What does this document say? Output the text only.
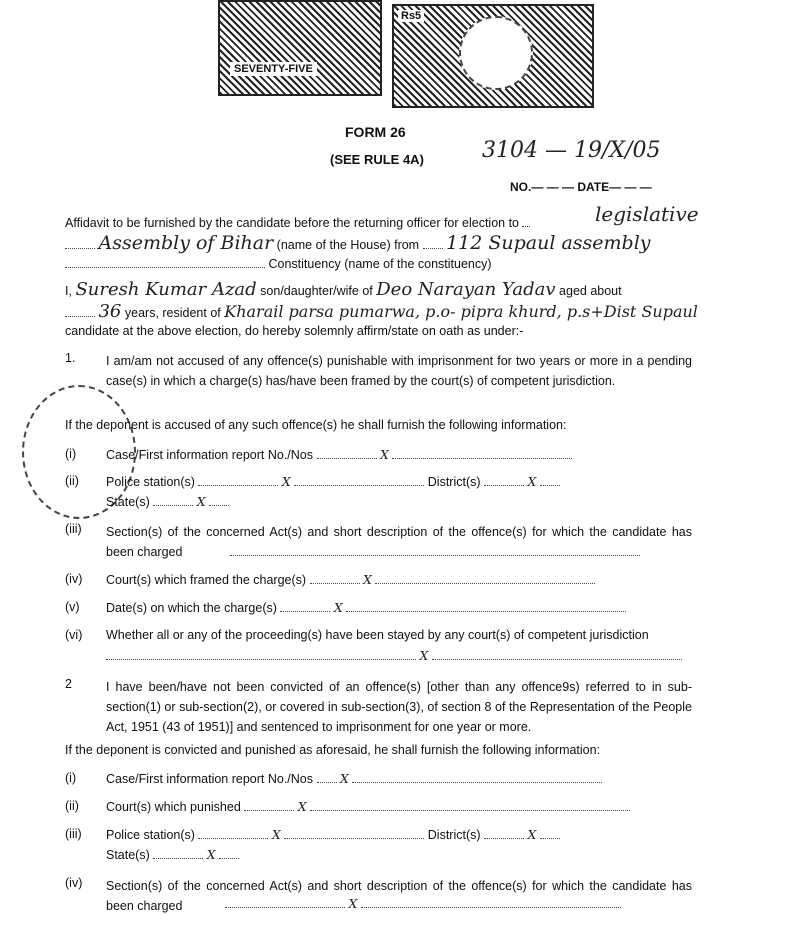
SEVENTY-FIVE
Rs5
FORM 26
(SEE RULE 4A)	3104 — 19/X/05
NO.— — — DATE— — —
Affidavit to be furnished by the candidate before the returning officer for election to	legislative
Assembly of Bihar (name of the House) from 112 Supaul assembly
Constituency (name of the constituency)
I, Suresh Kumar Azad son/daughter/wife of Deo Narayan Yadav aged about
36 years, resident of Kharail parsa pumarwa, p.o- pipra khurd, p.s+Dist Supaul
candidate at the above election, do hereby solemnly affirm/state on oath as under:-
1. I am/am not accused of any offence(s) punishable with imprisonment for two years or more in a pending case(s) in which a charge(s) has/have been framed by the court(s) of competent jurisdiction.
If the deponent is accused of any such offence(s) he shall furnish the following information:
(i) Case/First information report No./Nos	X
(ii) Police station(s)	X	District(s)	X
State(s)	X
(iii) Section(s) of the concerned Act(s) and short description of the offence(s) for which the candidate has been charged
(iv) Court(s) which framed the charge(s)	X
(v) Date(s) on which the charge(s)	X
(vi) Whether all or any of the proceeding(s) have been stayed by any court(s) of competent jurisdiction
X
2	I have been/have not been convicted of an offence(s) [other than any offence9s) referred to in sub-section(1) or sub-section(2), or covered in sub-section(3), of section 8 of the Representation of the People Act, 1951 (43 of 1951)] and sentenced to imprisonment for one year or more.
If the deponent is convicted and punished as aforesaid, he shall furnish the following information:
(i) Case/First information report No./Nos X
(ii) Court(s) which punished	X
(iii) Police station(s)	X	District(s)	X
State(s)	X
(iv) Section(s) of the concerned Act(s) and short description of the offence(s) for which the candidate has been charged	X
